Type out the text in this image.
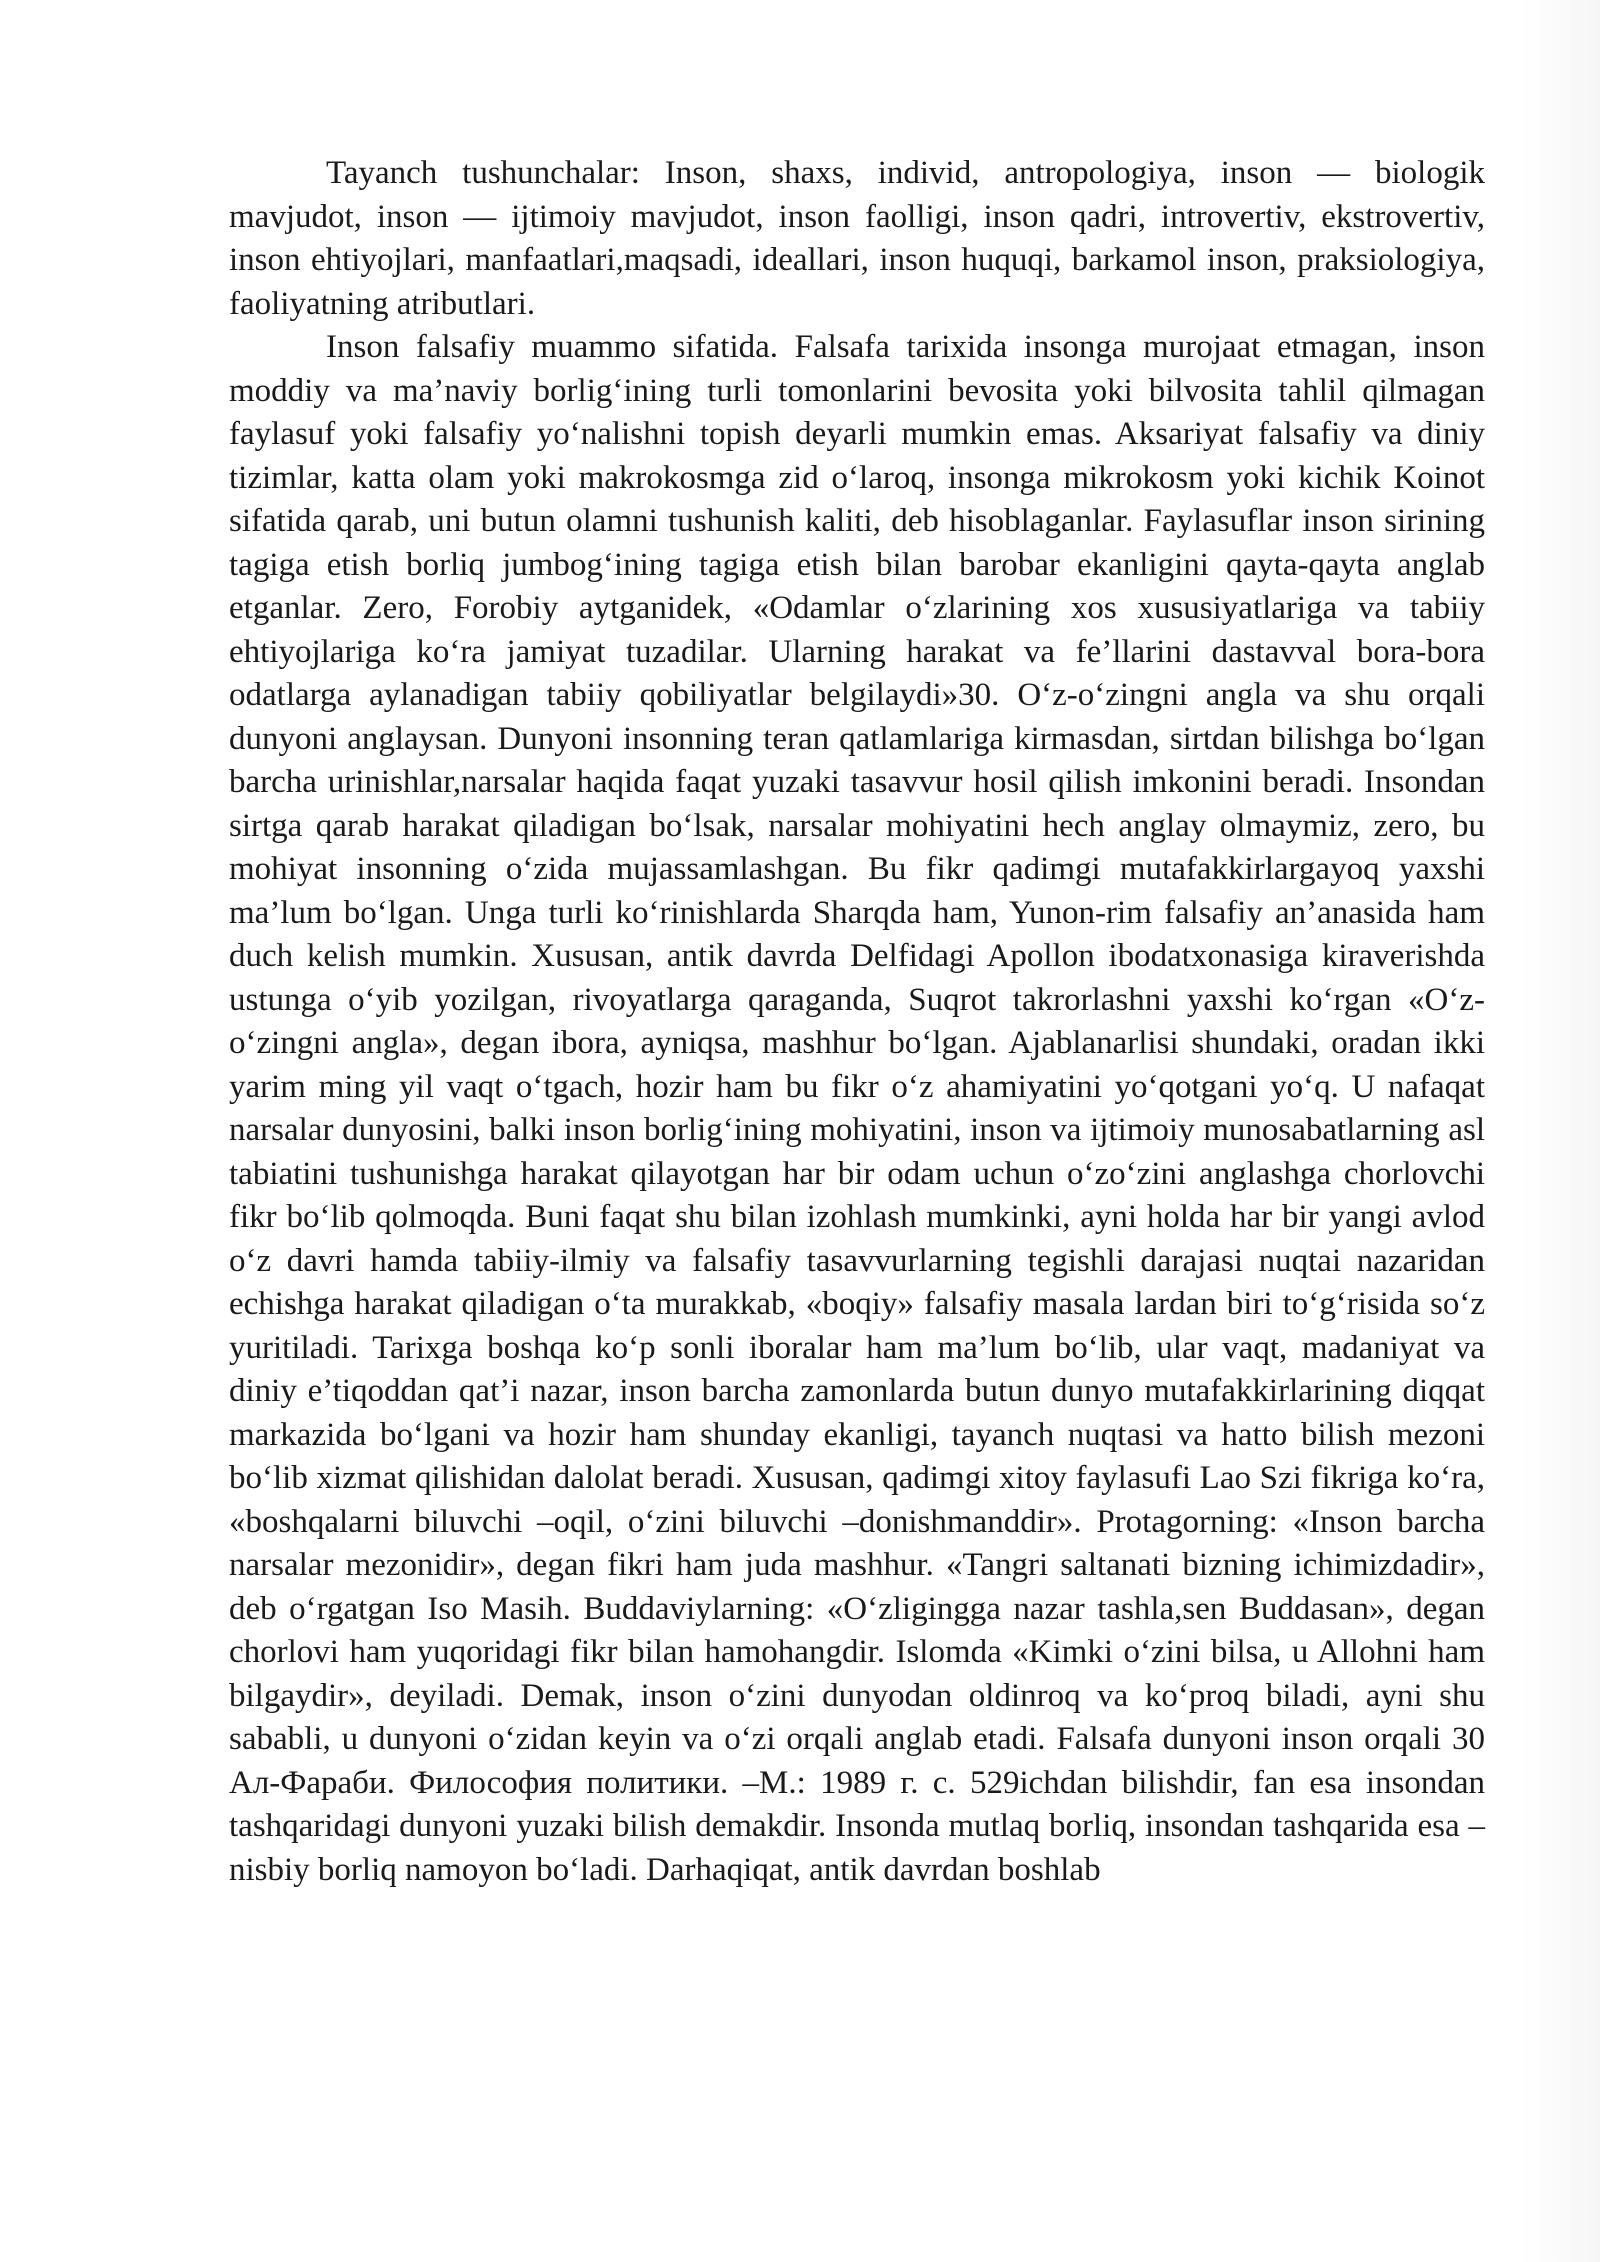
Tayanch tushunchalar: Inson, shaxs, individ, antropologiya, inson — biologik mavjudot, inson — ijtimoiy mavjudot, inson faolligi, inson qadri, introvertiv, ekstrovertiv, inson ehtiyojlari, manfaatlari,maqsadi, ideallari, inson huquqi, barkamol inson, praksiologiya, faoliyatning atributlari.

Inson falsafiy muammo sifatida. Falsafa tarixida insonga murojaat etmagan, inson moddiy va ma’naviy borlig‘ining turli tomonlarini bevosita yoki bilvosita tahlil qilmagan faylasuf yoki falsafiy yo‘nalishni topish deyarli mumkin emas. Aksariyat falsafiy va diniy tizimlar, katta olam yoki makrokosmga zid o‘laroq, insonga mikrokosm yoki kichik Koinot sifatida qarab, uni butun olamni tushunish kaliti, deb hisoblaganlar. Faylasuflar inson sirining tagiga etish borliq jumbog‘ining tagiga etish bilan barobar ekanligini qayta-qayta anglab etganlar. Zero, Forobiy aytganidek, «Odamlar o‘zlarining xos xususiyatlariga va tabiiy ehtiyojlariga ko‘ra jamiyat tuzadilar. Ularning harakat va fe’llarini dastavval bora-bora odatlarga aylanadigan tabiiy qobiliyatlar belgilaydi»30. O‘z-o‘zingni angla va shu orqali dunyoni anglaysan. Dunyoni insonning teran qatlamlariga kirmasdan, sirtdan bilishga bo‘lgan barcha urinishlar,narsalar haqida faqat yuzaki tasavvur hosil qilish imkonini beradi. Insondan sirtga qarab harakat qiladigan bo‘lsak, narsalar mohiyatini hech anglay olmaymiz, zero, bu mohiyat insonning o‘zida mujassamlashgan. Bu fikr qadimgi mutafakkirlargayoq yaxshi ma’lum bo‘lgan. Unga turli ko‘rinishlarda Sharqda ham, Yunon-rim falsafiy an’anasida ham duch kelish mumkin. Xususan, antik davrda Delfidagi Apollon ibodatxonasiga kiraverishda ustunga o‘yib yozilgan, rivoyatlarga qaraganda, Suqrot takrorlashni yaxshi ko‘rgan «O‘z-o‘zingni angla», degan ibora, ayniqsa, mashhur bo‘lgan. Ajablanarlisi shundaki, oradan ikki yarim ming yil vaqt o‘tgach, hozir ham bu fikr o‘z ahamiyatini yo‘qotgani yo‘q. U nafaqat narsalar dunyosini, balki inson borlig‘ining mohiyatini, inson va ijtimoiy munosabatlarning asl tabiatini tushunishga harakat qilayotgan har bir odam uchun o‘zo‘zini anglashga chorlovchi fikr bo‘lib qolmoqda. Buni faqat shu bilan izohlash mumkinki, ayni holda har bir yangi avlod o‘z davri hamda tabiiy-ilmiy va falsafiy tasavvurlarning tegishli darajasi nuqtai nazaridan echishga harakat qiladigan o‘ta murakkab, «boqiy» falsafiy masala lardan biri to‘g‘risida so‘z yuritiladi. Tarixga boshqa ko‘p sonli iboralar ham ma’lum bo‘lib, ular vaqt, madaniyat va diniy e’tiqoddan qat’i nazar, inson barcha zamonlarda butun dunyo mutafakkirlarining diqqat markazida bo‘lgani va hozir ham shunday ekanligi, tayanch nuqtasi va hatto bilish mezoni bo‘lib xizmat qilishidan dalolat beradi. Xususan, qadimgi xitoy faylasufi Lao Szi fikriga ko‘ra, «boshqalarni biluvchi –oqil, o‘zini biluvchi –donishmanddir». Protagorning: «Inson barcha narsalar mezonidir», degan fikri ham juda mashhur. «Tangri saltanati bizning ichimizdadir», deb o‘rgatgan Iso Masih. Buddaviylarning: «O‘zligingga nazar tashla,sen Buddasan», degan chorlovi ham yuqoridagi fikr bilan hamohangdir. Islomda «Kimki o‘zini bilsa, u Allohni ham bilgaydir», deyiladi. Demak, inson o‘zini dunyodan oldinroq va ko‘proq biladi, ayni shu sababli, u dunyoni o‘zidan keyin va o‘zi orqali anglab etadi. Falsafa dunyoni inson orqali 30 Ал-Фараби. Философия политики. –М.: 1989 г. с. 529ichdan bilishdir, fan esa insondan tashqaridagi dunyoni yuzaki bilish demakdir. Insonda mutlaq borliq, insondan tashqarida esa – nisbiy borliq namoyon bo‘ladi. Darhaqiqat, antik davrdan boshlab
